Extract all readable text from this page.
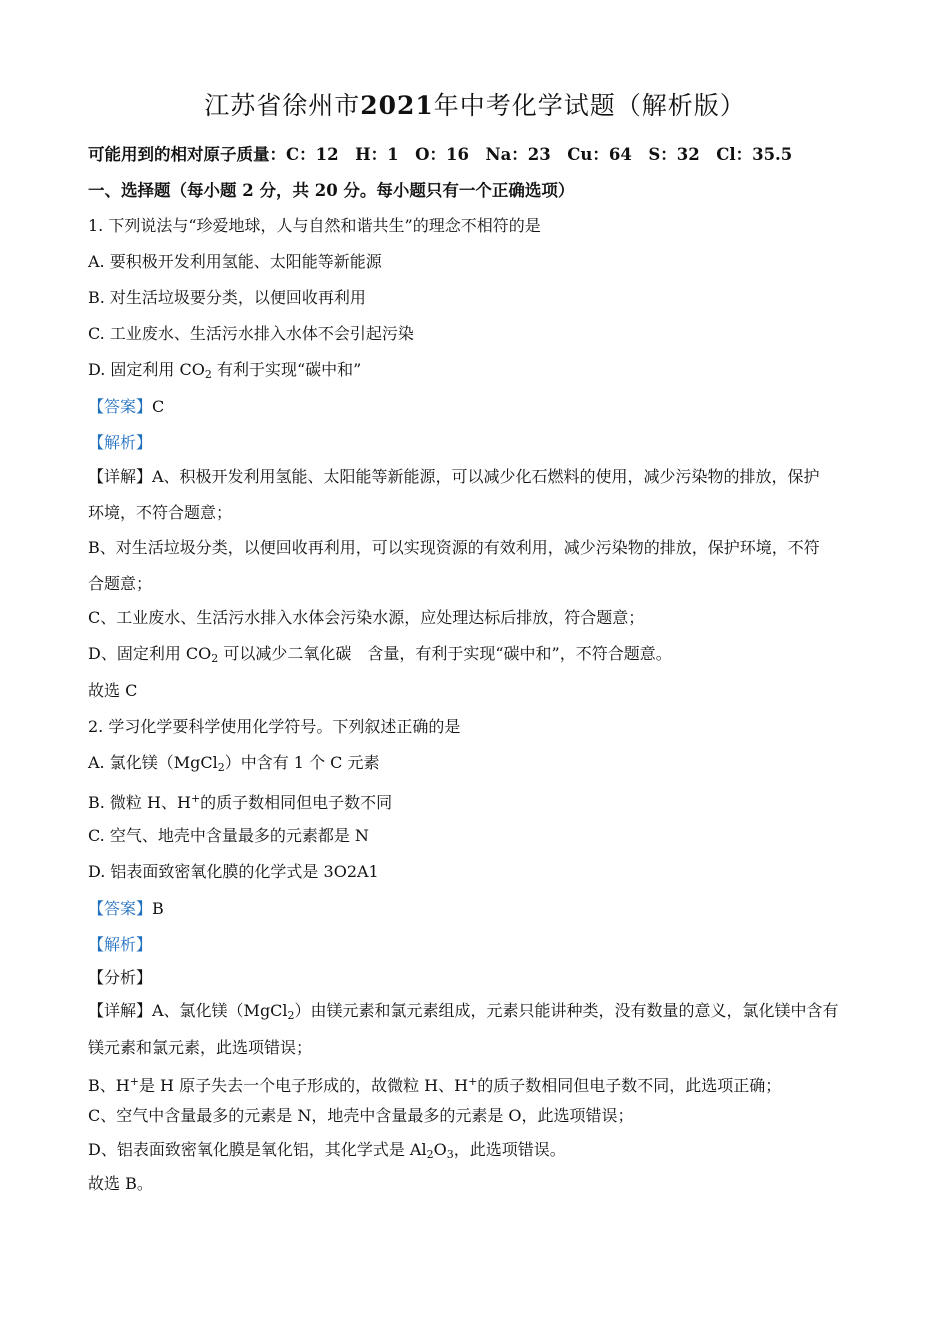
江苏省徐州市2021年中考化学试题（解析版）
可能用到的相对原子质量：C：12　H：1　O：16　Na：23　Cu：64　S：32　Cl：35.5
一、选择题（每小题 2 分，共 20 分。每小题只有一个正确选项）
1. 下列说法与“珍爱地球，人与自然和谐共生”的理念不相符的是
A. 要积极开发利用氢能、太阳能等新能源
B. 对生活垃圾要分类，以便回收再利用
C. 工业废水、生活污水排入水体不会引起污染
D. 固定利用 $CO_2$ 有利于实现“碳中和”
【答案】C
【解析】
【详解】A、积极开发利用氢能、太阳能等新能源，可以减少化石燃料的使用，减少污染物的排放，保护
环境，不符合题意；
B、对生活垃圾分类，以便回收再利用，可以实现资源的有效利用，减少污染物的排放，保护环境，不符
合题意；
C、工业废水、生活污水排入水体会污染水源，应处理达标后排放，符合题意；
D、固定利用 $CO_2$ 可以减少二氧化碳　含量，有利于实现“碳中和”，不符合题意。
故选 C
2. 学习化学要科学使用化学符号。下列叙述正确的是
A. 氯化镁（MgCl$_2$）中含有 1 个 C 元素
B. 微粒 H、H+的质子数相同但电子数不同
C. 空气、地壳中含量最多的元素都是 N
D. 铝表面致密氧化膜的化学式是 3O2A1
【答案】B
【解析】
【分析】
【详解】A、氯化镁（MgCl$_2$）由镁元素和氯元素组成，元素只能讲种类，没有数量的意义，氯化镁中含有
镁元素和氯元素，此选项错误；
B、H+是 H 原子失去一个电子形成的，故微粒 H、H+的质子数相同但电子数不同，此选项正确；
C、空气中含量最多的元素是 N，地壳中含量最多的元素是 O，此选项错误；
D、铝表面致密氧化膜是氧化铝，其化学式是 $Al_2O_3$，此选项错误。
故选 B。
